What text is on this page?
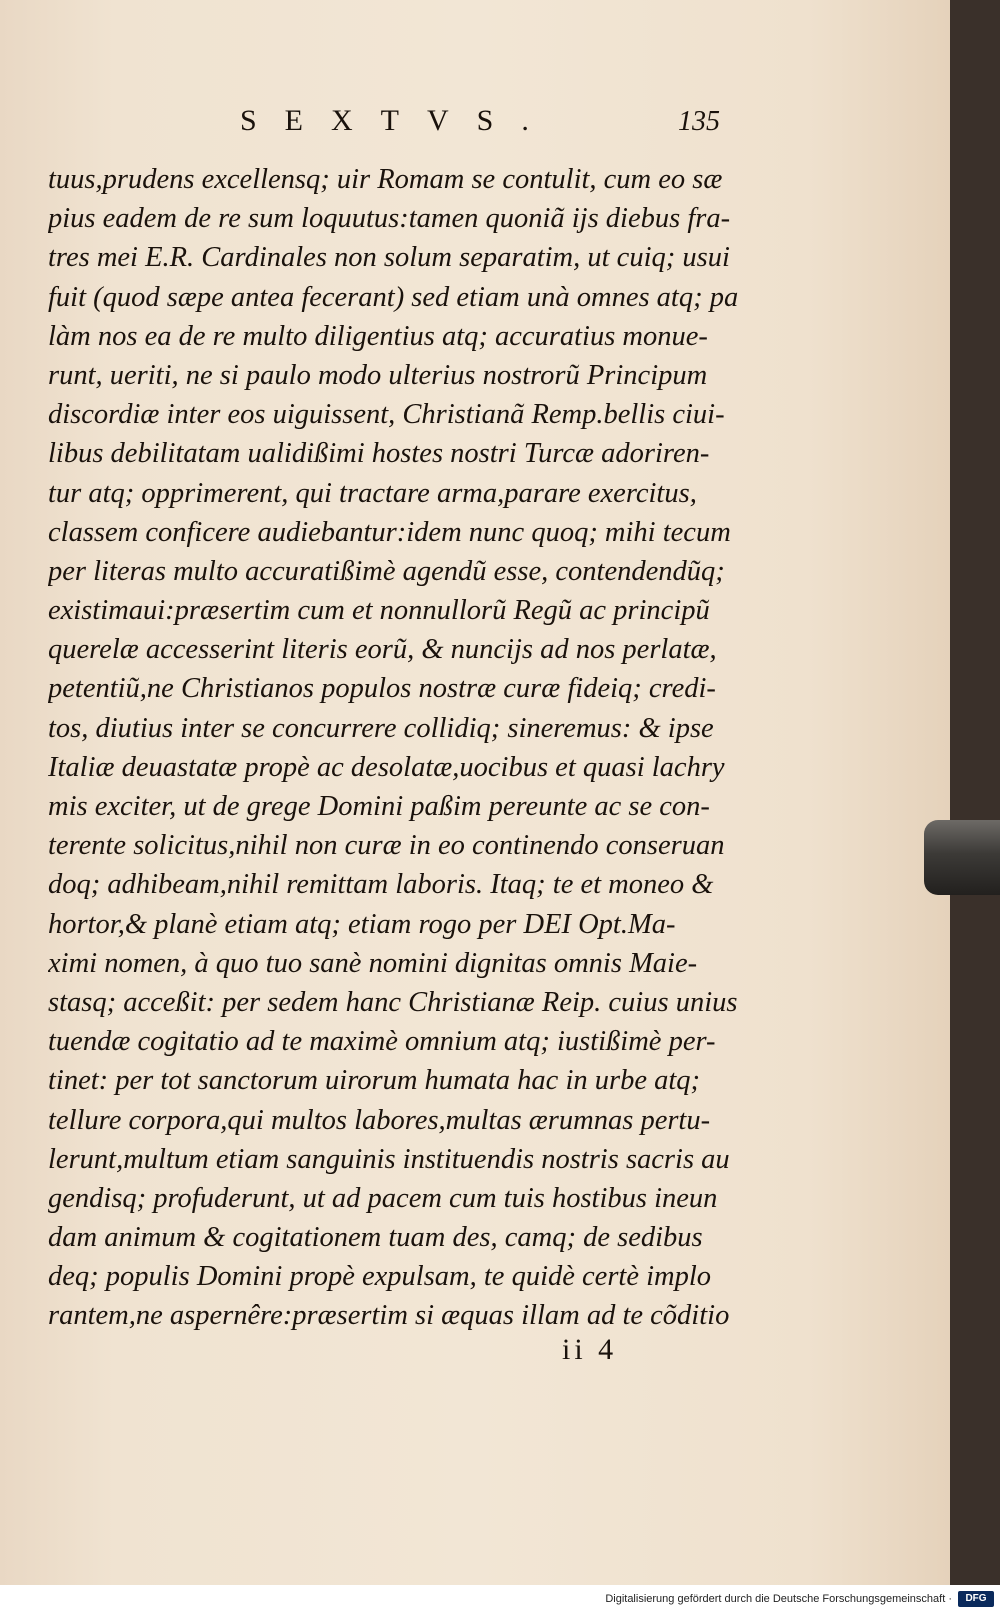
SEXTVS.	135
tuus,prudens excellensq; uir Romam se contulit, cum eo sæ
pius eadem de re sum loquutus:tamen quoniã ijs diebus fra-
tres mei E.R. Cardinales non solum separatim, ut cuiq; usui
fuit (quod sæpe antea fecerant) sed etiam unà omnes atq; pa
làm nos ea de re multo diligentius atq; accuratius monue-
runt, ueriti, ne si paulo modo ulterius nostrorũ Principum
discordiæ inter eos uiguissent, Christianã Remp.bellis ciui-
libus debilitatam ualidißimi hostes nostri Turcæ adoriren-
tur atq; opprimerent, qui tractare arma,parare exercitus,
classem conficere audiebantur:idem nunc quoq; mihi tecum
per literas multo accuratißimè agendũ esse, contendendũq;
existimaui:præsertim cum et nonnullorũ Regũ ac principũ
querelæ accesserint literis eorũ, & nuncijs ad nos perlatæ,
petentiũ,ne Christianos populos nostræ curæ fideiq; credi-
tos, diutius inter se concurrere collidiq; sineremus: & ipse
Italiæ deuastatæ propè ac desolatæ,uocibus et quasi lachry
mis exciter, ut de grege Domini paßim pereunte ac se con-
terente solicitus,nihil non curæ in eo continendo conseruan
doq; adhibeam,nihil remittam laboris. Itaq; te et moneo &
hortor,& planè etiam atq; etiam rogo per DEI Opt.Ma-
ximi nomen, à quo tuo sanè nomini dignitas omnis Maie-
stasq; acceßit: per sedem hanc Christianæ Reip. cuius unius
tuendæ cogitatio ad te maximè omnium atq; iustißimè per-
tinet: per tot sanctorum uirorum humata hac in urbe atq;
tellure corpora,qui multos labores,multas ærumnas pertu-
lerunt,multum etiam sanguinis instituendis nostris sacris au
gendisq; profuderunt, ut ad pacem cum tuis hostibus ineun
dam animum & cogitationem tuam des, camq; de sedibus
deq; populis Domini propè expulsam, te quidè certè implo
rantem,ne aspernêre:præsertim si æquas illam ad te cõditio
ii 4
Digitalisierung gefördert durch die Deutsche Forschungsgemeinschaft ·	DFG
